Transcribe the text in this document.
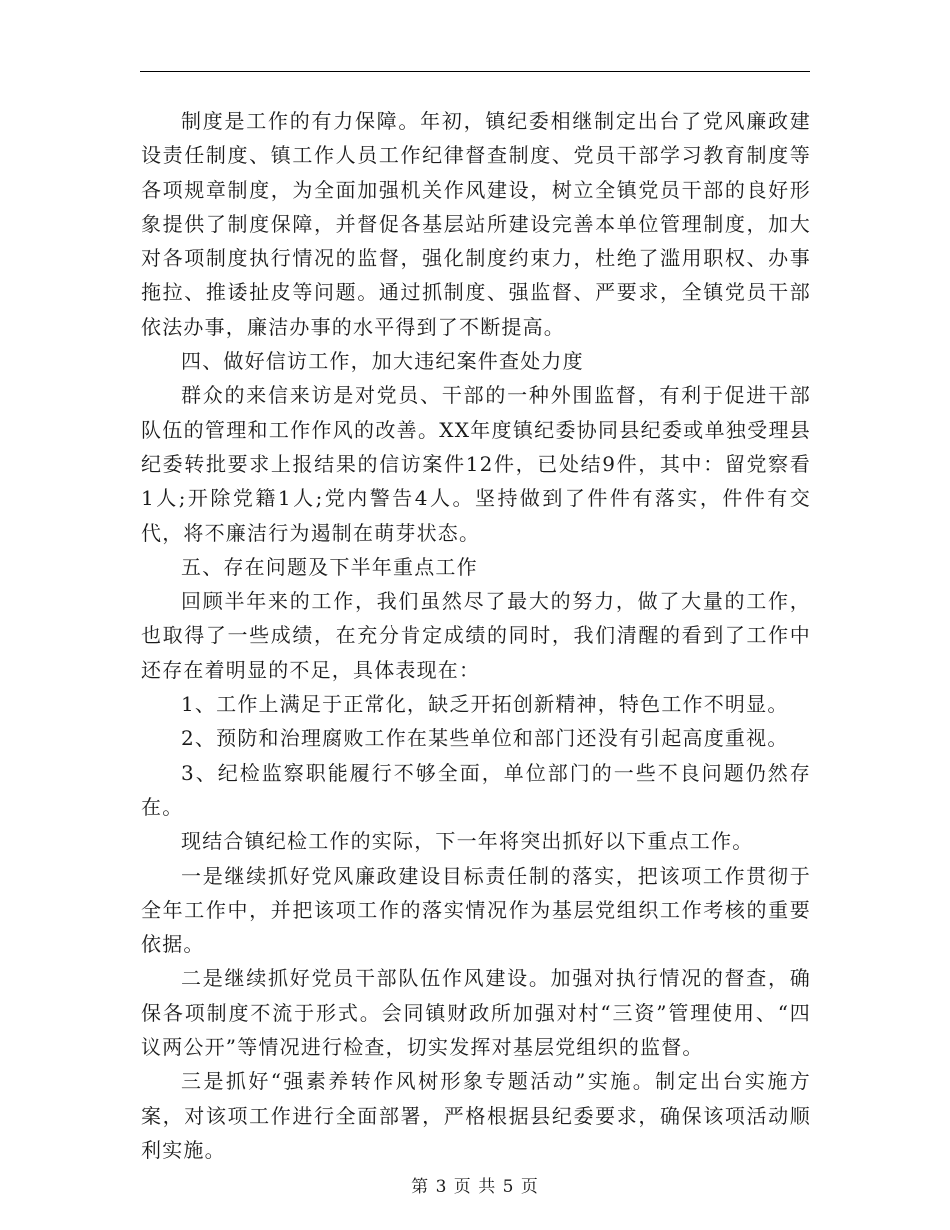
制度是工作的有力保障。年初，镇纪委相继制定出台了党风廉政建设责任制度、镇工作人员工作纪律督查制度、党员干部学习教育制度等各项规章制度，为全面加强机关作风建设，树立全镇党员干部的良好形象提供了制度保障，并督促各基层站所建设完善本单位管理制度，加大对各项制度执行情况的监督，强化制度约束力，杜绝了滥用职权、办事拖拉、推诿扯皮等问题。通过抓制度、强监督、严要求，全镇党员干部依法办事，廉洁办事的水平得到了不断提高。

四、做好信访工作，加大违纪案件查处力度

群众的来信来访是对党员、干部的一种外围监督，有利于促进干部队伍的管理和工作作风的改善。XX年度镇纪委协同县纪委或单独受理县纪委转批要求上报结果的信访案件12件，已处结9件，其中：留党察看1人;开除党籍1人;党内警告4人。坚持做到了件件有落实，件件有交代，将不廉洁行为遏制在萌芽状态。

五、存在问题及下半年重点工作

回顾半年来的工作，我们虽然尽了最大的努力，做了大量的工作，也取得了一些成绩，在充分肯定成绩的同时，我们清醒的看到了工作中还存在着明显的不足，具体表现在：

1、工作上满足于正常化，缺乏开拓创新精神，特色工作不明显。

2、预防和治理腐败工作在某些单位和部门还没有引起高度重视。

3、纪检监察职能履行不够全面，单位部门的一些不良问题仍然存在。

现结合镇纪检工作的实际，下一年将突出抓好以下重点工作。

一是继续抓好党风廉政建设目标责任制的落实，把该项工作贯彻于全年工作中，并把该项工作的落实情况作为基层党组织工作考核的重要依据。

二是继续抓好党员干部队伍作风建设。加强对执行情况的督查，确保各项制度不流于形式。会同镇财政所加强对村“三资”管理使用、“四议两公开”等情况进行检查，切实发挥对基层党组织的监督。

三是抓好“强素养转作风树形象专题活动”实施。制定出台实施方案，对该项工作进行全面部署，严格根据县纪委要求，确保该项活动顺利实施。

第 3 页 共 5 页
